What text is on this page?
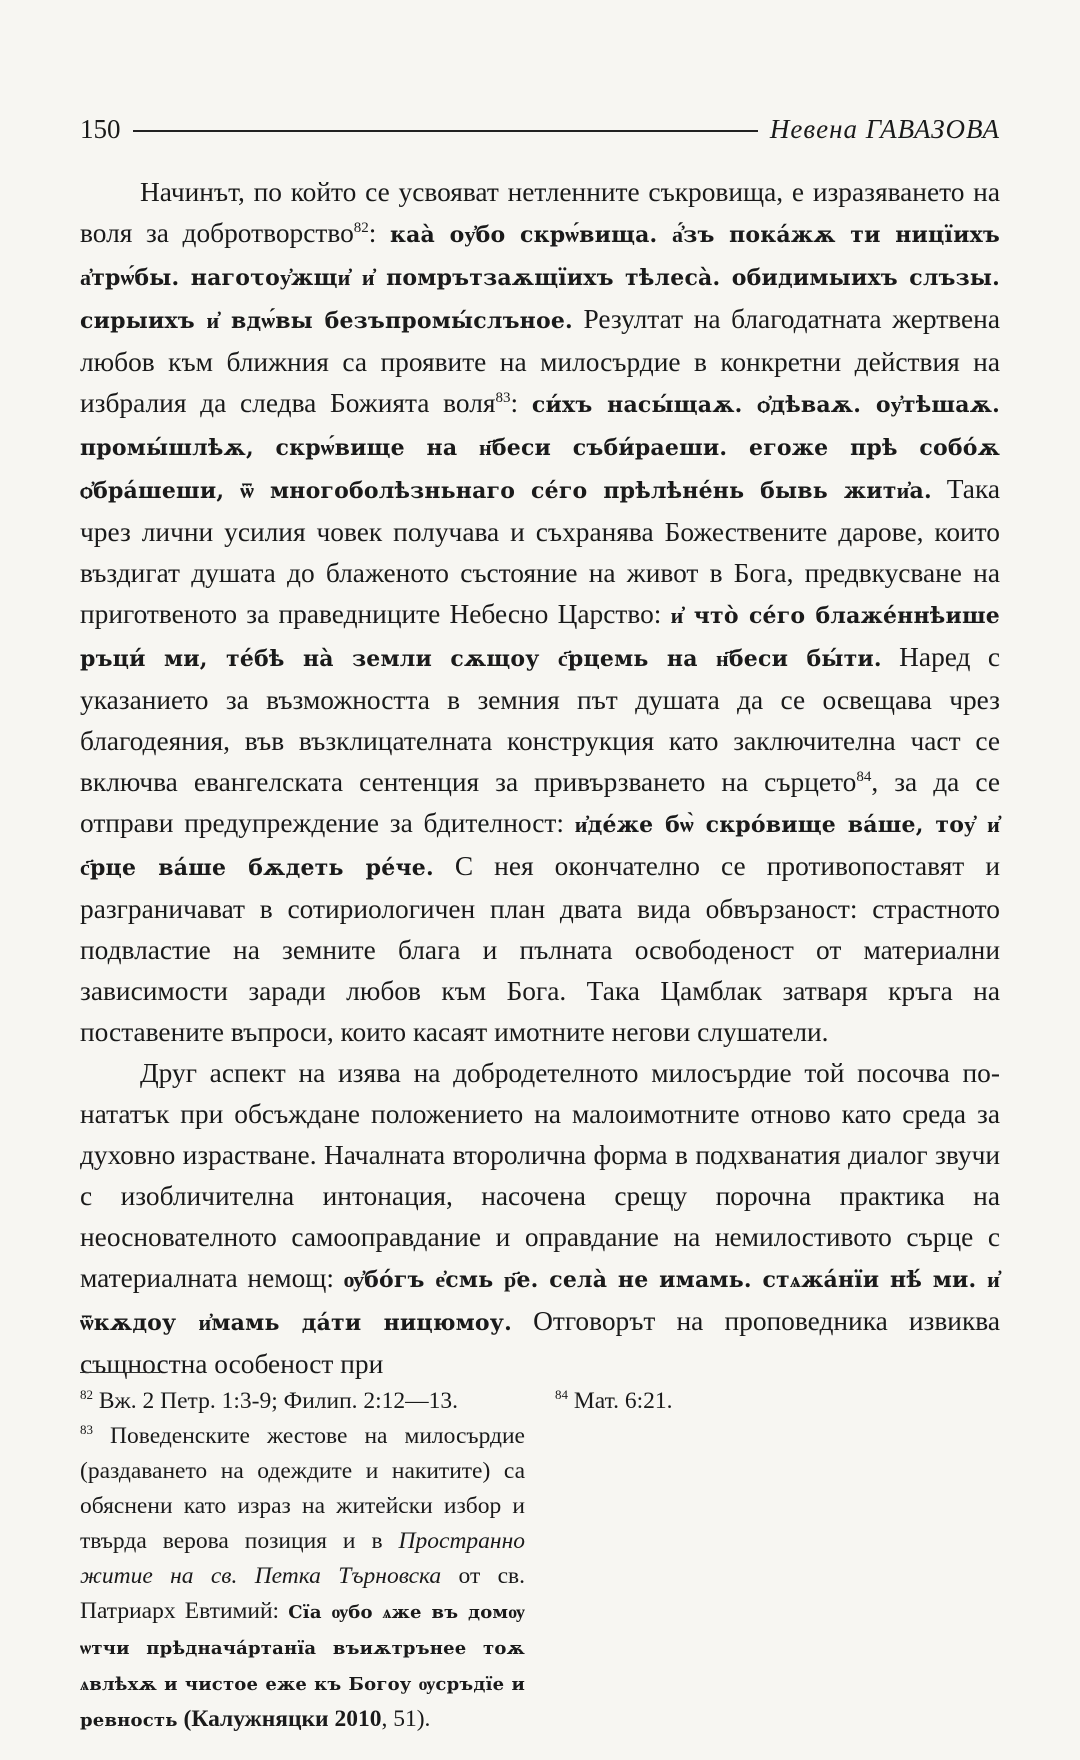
150	Невена ГАВАЗОВА

Начинът, по който се усвояват нетленните съкровища, е изразяването на воля за добротворство$^{82}$: каа̀ оу҆бо скрѡ́вища. а҆́зъ пока́жѫ ти ницїихъ а҆трѡ́бы. нагоτоу҆жщи҆ и҆ помрътзаѫщїихъ тѣлеса̀. обидимыихъ слъзы. сирыихъ и҆ вдѡ́вы безъпромы́слъное. Резултат на благодатната жертвена любов към ближния са проявите на милосърдие в конкретни действия на избралия да следва Божията воля$^{83}$: си́хъ насы́щаѫ. ѻ҆дѣваѫ. оу҆тѣшаѫ. промы́шлѣѫ, скрѡ́вище на н҃беси съби́раеши. егоже прѣ собо́ѫ ѻ҆бра́шеши, ѿ многоболѣзньнаго се́го прѣлѣне́нь бывь жити҆а. Така чрез лични усилия човек получава и съхранява Божествените дарове, които въздигат душата до блаженото състояние на живот в Бога, предвкусване на приготвеното за праведниците Небесно Царство: и҆ что̀ се́го блаже́ннѣише ръци́ ми, те́бѣ на̀ земли сѫщоу с҃рцемь на н҃беси бы́ти. Наред с указанието за възможността в земния път душата да се освещава чрез благодеяния, във възклицателната конструкция като заключителна част се включва евангелската сентенция за привързването на сърцето$^{84}$, за да се отправи предупреждение за бдителност: и҆де́же бѡ̀ скро́вище ва́ше, тоу҆ и҆ с҃рце ва́ше бѫдеть ре́че. С нея окончателно се противопоставят и разграничават в сотириологичен план двата вида обвързаност: страстното подвластие на земните блага и пълната освободеност от материални зависимости заради любов към Бога. Така Цамблак затваря кръга на поставените въпроси, които касаят имотните негови слушатели.

Друг аспект на изява на добродетелното милосърдие той посочва по-нататък при обсъждане положението на малоимотните отново като среда за духовно израстване. Началната второлична форма в подхванатия диалог звучи с изобличителна интонация, насочена срещу порочна практика на неоснователното самооправдание и оправдание на немилостивото сърце с материалната немощ: ѹ҆бо́гъ е҆смь р҃е. села̀ не имамь. стѧжа́нїи нѣ́ ми. и҆ ѿкѫдоу и҆мамь да́ти ницюмоу. Отговорът на проповедника извиква същностна особеност при

$^{82}$ Вж. 2 Петр. 1:3-9; Филип. 2:12—13.

$^{83}$ Поведенските жестове на милосърдие (раздаването на одеждите и накитите) са обяснени като израз на житейски избор и твърда верова позиция и в Пространно житие на св. Петка Търновска от св. Патриарх Евтимий: Сїа ѹбо ѧже въ домѹ ѡтчи прѣднача́ртанїа въиѫтрънее тоѫ ѧвлѣхѫ и чистое еже къ Богоу ѹсръдїе и ревность (Калужняцки 2010, 51).

$^{84}$ Мат. 6:21.
